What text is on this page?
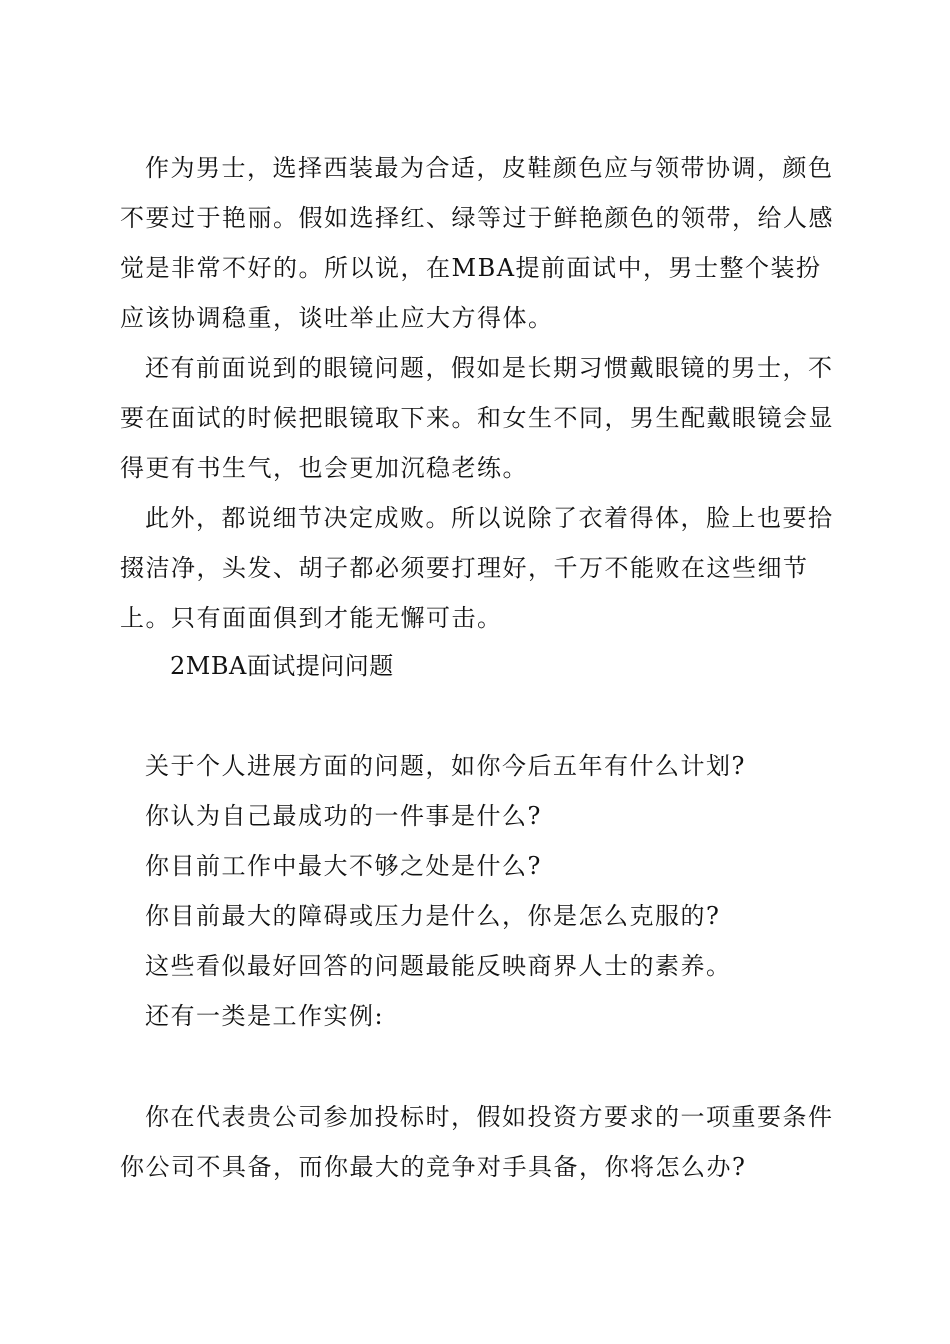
作为男士，选择西装最为合适，皮鞋颜色应与领带协调，颜色不要过于艳丽。假如选择红、绿等过于鲜艳颜色的领带，给人感觉是非常不好的。所以说，在MBA提前面试中，男士整个装扮应该协调稳重，谈吐举止应大方得体。

还有前面说到的眼镜问题，假如是长期习惯戴眼镜的男士，不要在面试的时候把眼镜取下来。和女生不同，男生配戴眼镜会显得更有书生气，也会更加沉稳老练。

此外，都说细节决定成败。所以说除了衣着得体，脸上也要拾掇洁净，头发、胡子都必须要打理好，千万不能败在这些细节上。只有面面俱到才能无懈可击。

2MBA面试提问问题

关于个人进展方面的问题，如你今后五年有什么计划?

你认为自己最成功的一件事是什么?

你目前工作中最大不够之处是什么?

你目前最大的障碍或压力是什么，你是怎么克服的?

这些看似最好回答的问题最能反映商界人士的素养。

还有一类是工作实例:

你在代表贵公司参加投标时，假如投资方要求的一项重要条件你公司不具备，而你最大的竞争对手具备，你将怎么办?
